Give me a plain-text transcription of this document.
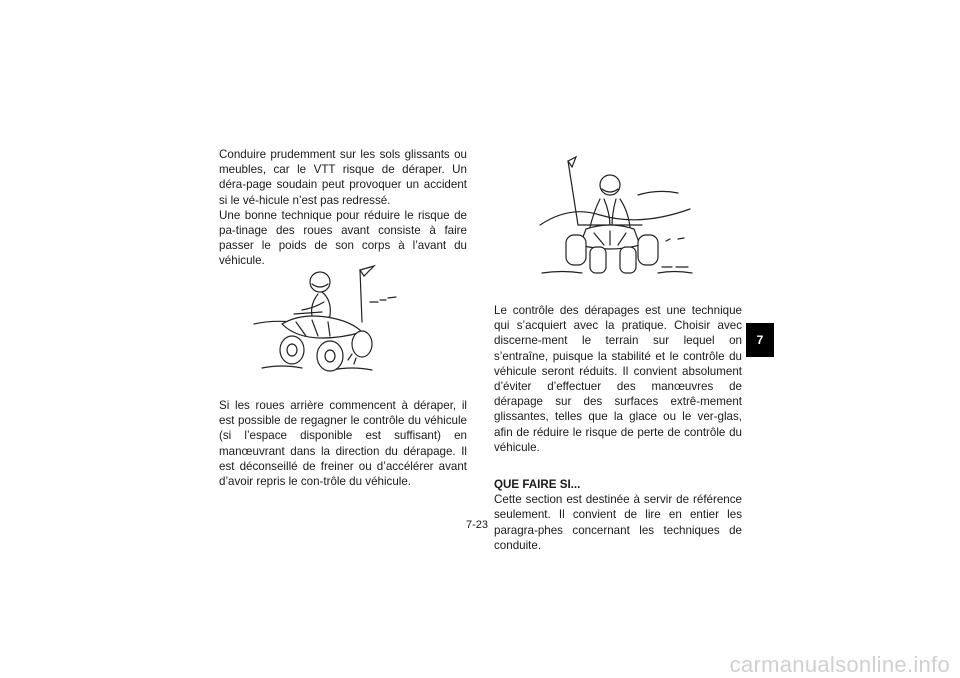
Conduire prudemment sur les sols glissants ou meubles, car le VTT risque de déraper. Un déra-page soudain peut provoquer un accident si le vé-hicule n’est pas redressé.

Une bonne technique pour réduire le risque de pa-tinage des roues avant consiste à faire passer le poids de son corps à l’avant du véhicule.

Si les roues arrière commencent à déraper, il est possible de regagner le contrôle du véhicule (si l’espace disponible est suffisant) en manœuvrant dans la direction du dérapage. Il est déconseillé de freiner ou d’accélérer avant d’avoir repris le con-trôle du véhicule.

Le contrôle des dérapages est une technique qui s’acquiert avec la pratique. Choisir avec discerne-ment le terrain sur lequel on s’entraîne, puisque la stabilité et le contrôle du véhicule seront réduits. Il convient absolument d’éviter d’effectuer des manœuvres de dérapage sur des surfaces extrê-mement glissantes, telles que la glace ou le ver-glas, afin de réduire le risque de perte de contrôle du véhicule.

QUE FAIRE SI...

Cette section est destinée à servir de référence seulement. Il convient de lire en entier les paragra-phes concernant les techniques de conduite.

7
7-23
carmanualsonline.info
